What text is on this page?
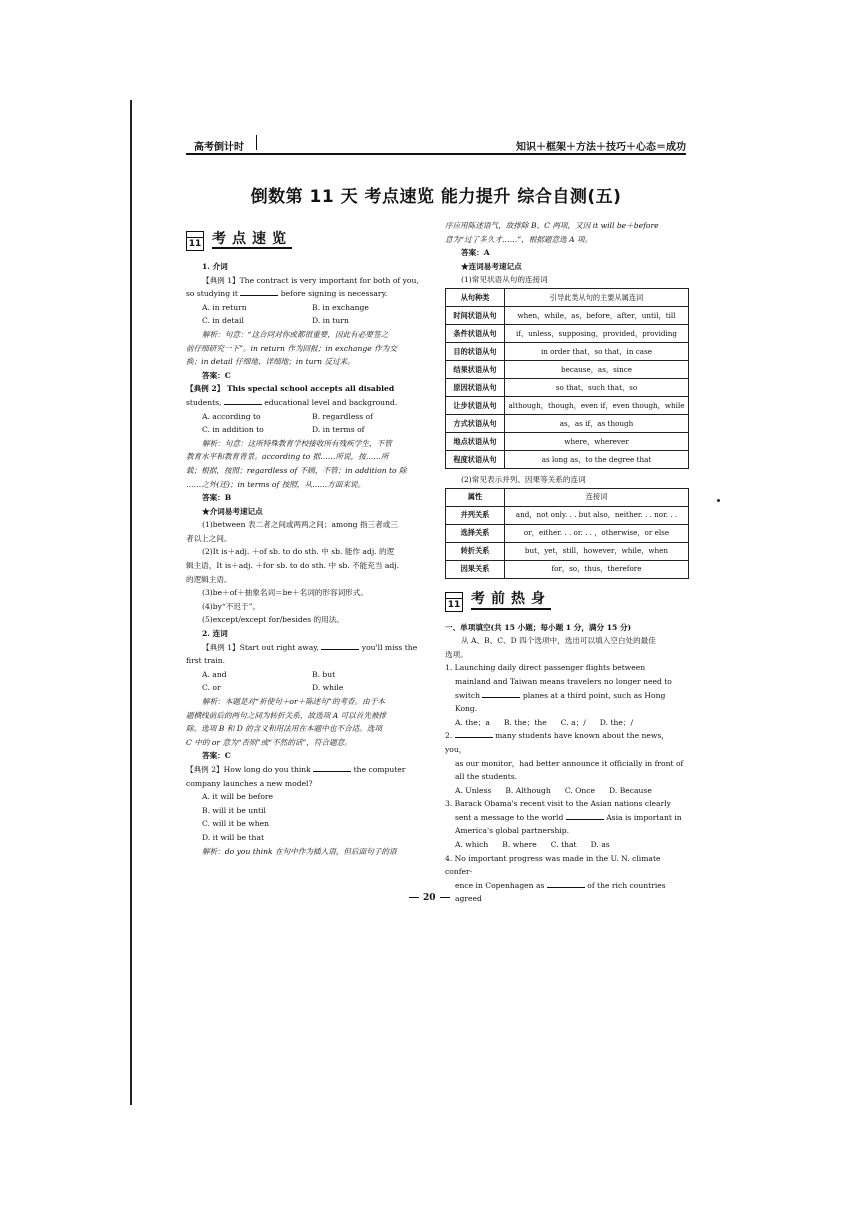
高考倒计时	知识＋框架＋方法＋技巧＋心态＝成功
倒数第 11 天 考点速览 能力提升 综合自测(五)
11 考点速览

1. 介词

【典例 1】The contract is very important for both of you,

so studying it	before signing is necessary.

A. in return	B. in exchange
C. in detail	D. in turn

解析：句意：“这合同对你或都很重要，因此有必要签之

前仔细研究一下”。in return 作为回报；in exchange 作为交

换；in detail 仔细地、详细地；in turn 反过来。

答案：C

【典例 2】 This special school accepts all disabled

students,	educational level and background.

A. according to	B. regardless of
C. in addition to	D. in terms of

解析：句意：这所特殊教育学校接收所有残疾学生，不管

教育水平和教育背景。according to 据……所说，按……所

载；根据，按照；regardless of 不顾，不管；in addition to 除

……之外(还)；in terms of 按照，从……方面来说。

答案：B

★介词易考速记点

(1)between 表二者之间或两两之间；among 指三者或三

者以上之间。

(2)It is＋adj. ＋of sb. to do sth. 中 sb. 能作 adj. 的逻

辑主语，It is＋adj. ＋for sb. to do sth. 中 sb. 不能充当 adj.

的逻辑主语。

(3)be＋of＋抽象名词＝be＋名词的形容词形式。

(4)by“不迟于”。

(5)except/except for/besides 的用法。

2. 连词

【典例 1】Start out right away,	you'll miss the

first train.

A. and	B. but
C. or	D. while

解析：本题是对“祈使句＋or＋陈述句”的考查。由于本

题横线前后的两句之间为转折关系，故选项 A 可以首先被排

除。选项 B 和 D 的含义和用法用在本题中也不合适。选项

C 中的 or 意为“否则”或“不然的话”，符合题意。

答案：C

【典例 2】How long do you think	the computer

company launches a new model?

A. it will be before

B. will it be until

C. will it be when

D. it will be that

解析：do you think 在句中作为插入语，但后面句子的语

序应用陈述语气，故排除 B、C 两项，又因 it will be＋before

意为“过了多久才……”，根据题意选 A 项。

答案：A

★连词易考速记点

(1)常见状语从句的连接词

从句种类	引导此类从句的主要从属连词
时间状语从句	when，while，as，before，after，until，till
条件状语从句	if，unless，supposing，provided，providing
目的状语从句	in order that，so that，in case
结果状语从句	because，as，since
原因状语从句	so that，such that，so
让步状语从句	although，though，even if，even though，while
方式状语从句	as，as if，as though
地点状语从句	where，wherever
程度状语从句	as long as，to the degree that

(2)常见表示并列、因果等关系的连词

属性	连接词
并列关系	and，not only. . . but also，neither. . . nor. . .
选择关系	or，either. . . or. . . ，otherwise，or else
转折关系	but，yet，still，however，while，when
因果关系	for，so，thus，therefore
11 考前热身

一、单项填空(共 15 小题；每小题 1 分，满分 15 分)

从 A、B、C、D 四个选项中，选出可以填入空白处的最佳

选项。

1. Launching daily direct passenger flights between

mainland and Taiwan means travelers no longer need to

switch	planes at a third point, such as Hong

Kong.

A. the；a B. the；the C. a；/ D. the；/

2.	many students have known about the news，you，

as our monitor，had better announce it officially in front of

all the students.

A. Unless B. Although C. Once D. Because

3. Barack Obama's recent visit to the Asian nations clearly

sent a message to the world	Asia is important in

America's global partnership.

A. which B. where C. that D. as

4. No important progress was made in the U. N. climate confer-

ence in Copenhagen as	of the rich countries agreed

20
